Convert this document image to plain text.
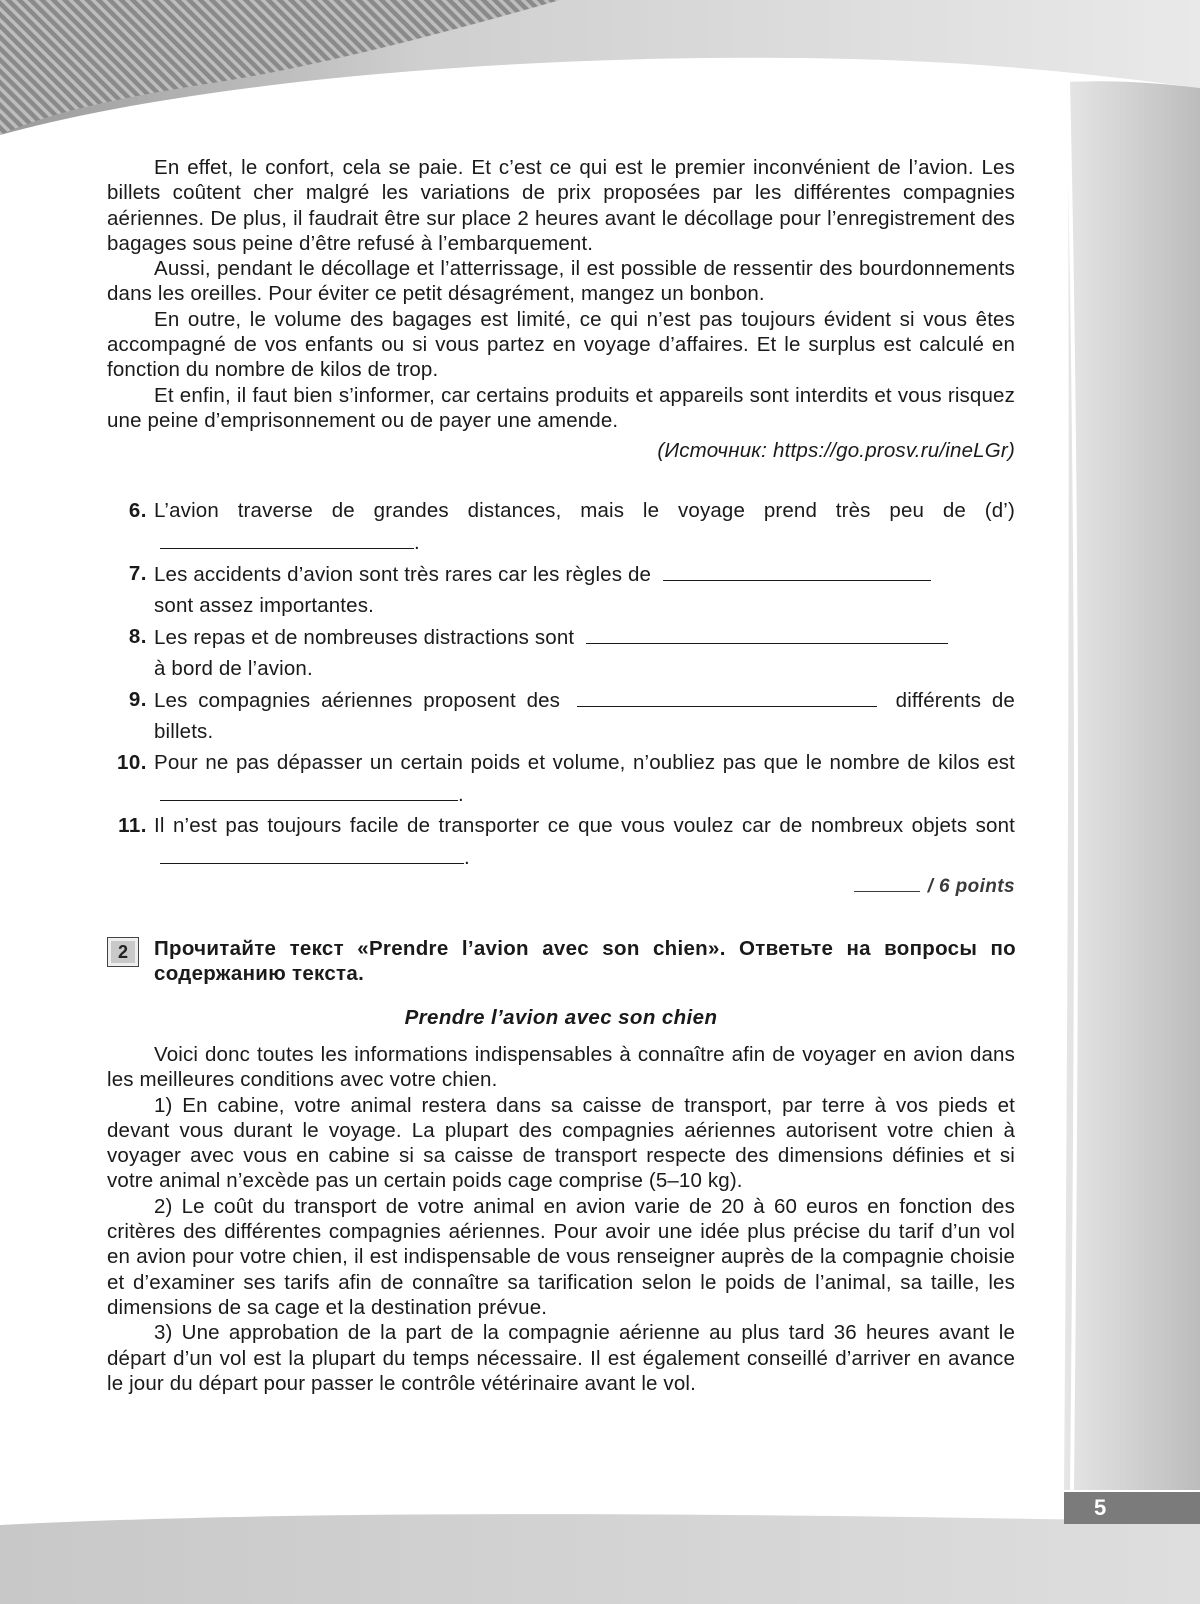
En effet, le confort, cela se paie. Et c’est ce qui est le premier inconvénient de l’avion. Les billets coûtent cher malgré les variations de prix proposées par les différentes compagnies aériennes. De plus, il faudrait être sur place 2 heures avant le décollage pour l’enregistrement des bagages sous peine d’être refusé à l’embarquement.

Aussi, pendant le décollage et l’atterrissage, il est possible de ressentir des bourdonnements dans les oreilles. Pour éviter ce petit désagrément, mangez un bonbon.

En outre, le volume des bagages est limité, ce qui n’est pas toujours évident si vous êtes accompagné de vos enfants ou si vous partez en voyage d’affaires. Et le surplus est calculé en fonction du nombre de kilos de trop.

Et enfin, il faut bien s’informer, car certains produits et appareils sont interdits et vous risquez une peine d’emprisonnement ou de payer une amende.

(Источник: https://go.prosv.ru/ineLGr)

6. L’avion traverse de grandes distances, mais le voyage prend très peu de (d’) .
7. Les accidents d’avion sont très rares car les règles de
sont assez importantes.
8. Les repas et de nombreuses distractions sont
à bord de l’avion.
9. Les compagnies aériennes proposent des	différents de billets.
10. Pour ne pas dépasser un certain poids et volume, n’oubliez pas que le nombre de kilos est .
11. Il n’est pas toujours facile de transporter ce que vous voulez car de nombreux objets sont .
/ 6 points
2	Прочитайте текст «Prendre l’avion avec son chien». Ответьте на вопросы по содержанию текста.
Prendre l’avion avec son chien

Voici donc toutes les informations indispensables à connaître afin de voyager en avion dans les meilleures conditions avec votre chien.

1) En cabine, votre animal restera dans sa caisse de transport, par terre à vos pieds et devant vous durant le voyage. La plupart des compagnies aériennes autorisent votre chien à voyager avec vous en cabine si sa caisse de transport respecte des dimensions définies et si votre animal n’excède pas un certain poids cage comprise (5–10 kg).

2) Le coût du transport de votre animal en avion varie de 20 à 60 euros en fonction des critères des différentes compagnies aériennes. Pour avoir une idée plus précise du tarif d’un vol en avion pour votre chien, il est indispensable de vous renseigner auprès de la compagnie choisie et d’examiner ses tarifs afin de connaître sa tarification selon le poids de l’animal, sa taille, les dimensions de sa cage et la destination prévue.

3) Une approbation de la part de la compagnie aérienne au plus tard 36 heures avant le départ d’un vol est la plupart du temps nécessaire. Il est également conseillé d’arriver en avance le jour du départ pour passer le contrôle vétérinaire avant le vol.

5
